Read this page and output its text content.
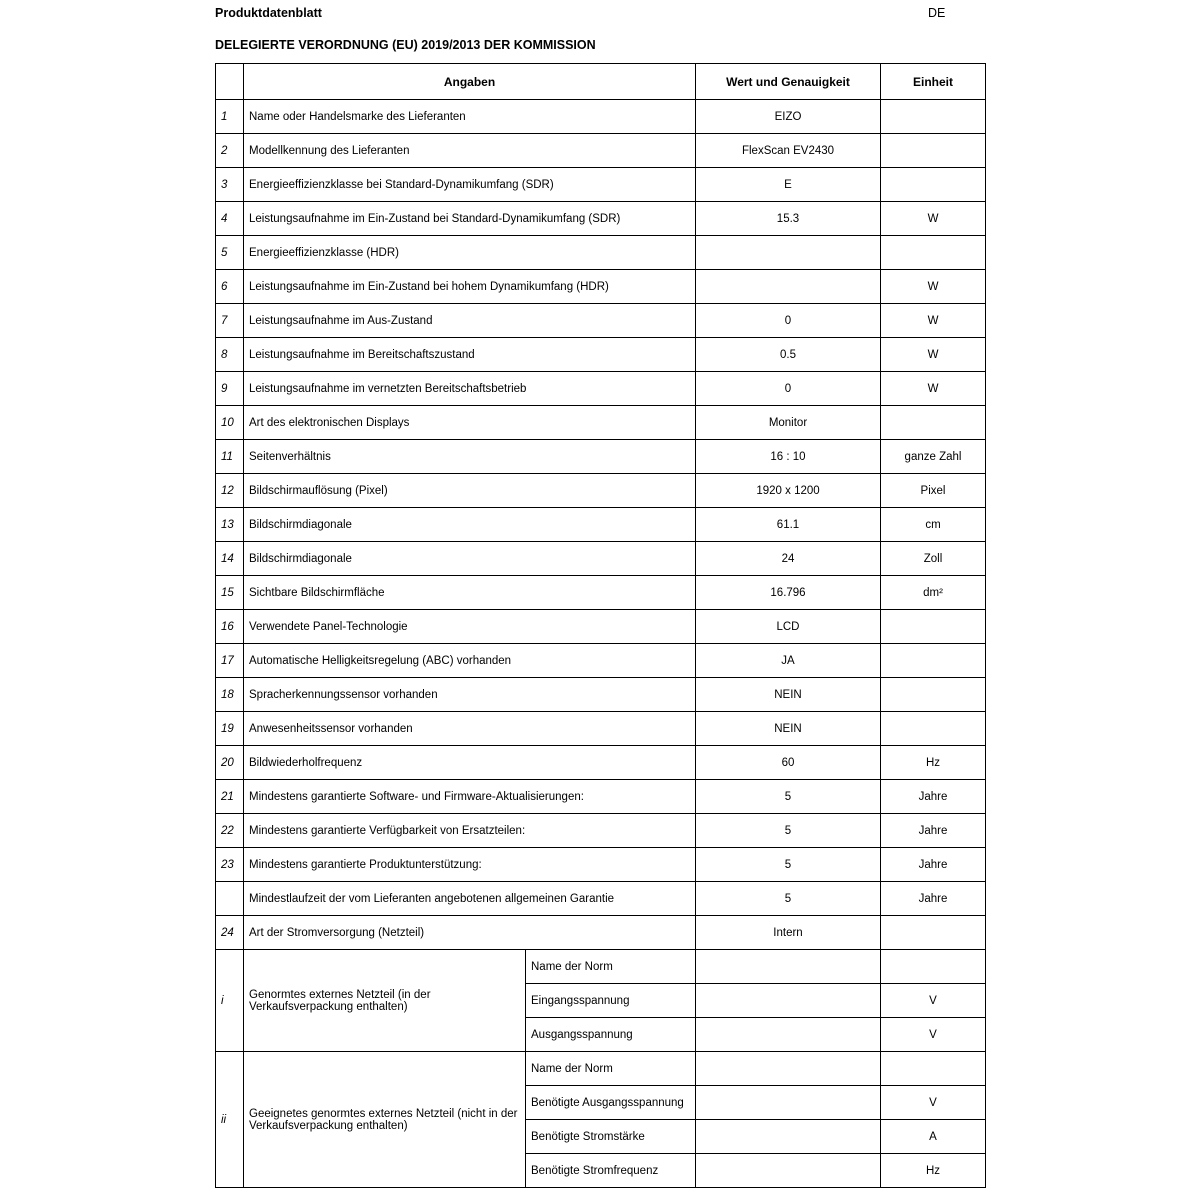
Produktdatenblatt	DE
DELEGIERTE VERORDNUNG (EU) 2019/2013 DER KOMMISSION
	Angaben		Wert und Genauigkeit	Einheit
1	Name oder Handelsmarke des Lieferanten		EIZO	
2	Modellkennung des Lieferanten		FlexScan EV2430	
3	Energieeffizienzklasse bei Standard-Dynamikumfang (SDR)		E	
4	Leistungsaufnahme im Ein-Zustand bei Standard-Dynamikumfang (SDR)		15.3	W
5	Energieeffizienzklasse (HDR)			
6	Leistungsaufnahme im Ein-Zustand bei hohem Dynamikumfang (HDR)			W
7	Leistungsaufnahme im Aus-Zustand		0	W
8	Leistungsaufnahme im Bereitschaftszustand		0.5	W
9	Leistungsaufnahme im vernetzten Bereitschaftsbetrieb		0	W
10	Art des elektronischen Displays		Monitor	
11	Seitenverhältnis		16 : 10	ganze Zahl
12	Bildschirmauflösung (Pixel)		1920 x 1200	Pixel
13	Bildschirmdiagonale		61.1	cm
14	Bildschirmdiagonale		24	Zoll
15	Sichtbare Bildschirmfläche		16.796	dm²
16	Verwendete Panel-Technologie		LCD	
17	Automatische Helligkeitsregelung (ABC) vorhanden		JA	
18	Spracherkennungssensor vorhanden		NEIN	
19	Anwesenheitssensor vorhanden		NEIN	
20	Bildwiederholfrequenz		60	Hz
21	Mindestens garantierte Software- und Firmware-Aktualisierungen:		5	Jahre
22	Mindestens garantierte Verfügbarkeit von Ersatzteilen:		5	Jahre
23	Mindestens garantierte Produktunterstützung:		5	Jahre
	Mindestlaufzeit der vom Lieferanten angebotenen allgemeinen Garantie		5	Jahre
24	Art der Stromversorgung (Netzteil)		Intern	
i	Genormtes externes Netzteil (in der Verkaufsverpackung enthalten)	Name der Norm		
		Eingangsspannung		V
		Ausgangsspannung		V
ii	Geeignetes genormtes externes Netzteil (nicht in der Verkaufsverpackung enthalten)	Name der Norm		
		Benötigte Ausgangsspannung		V
		Benötigte Stromstärke		A
		Benötigte Stromfrequenz		Hz
